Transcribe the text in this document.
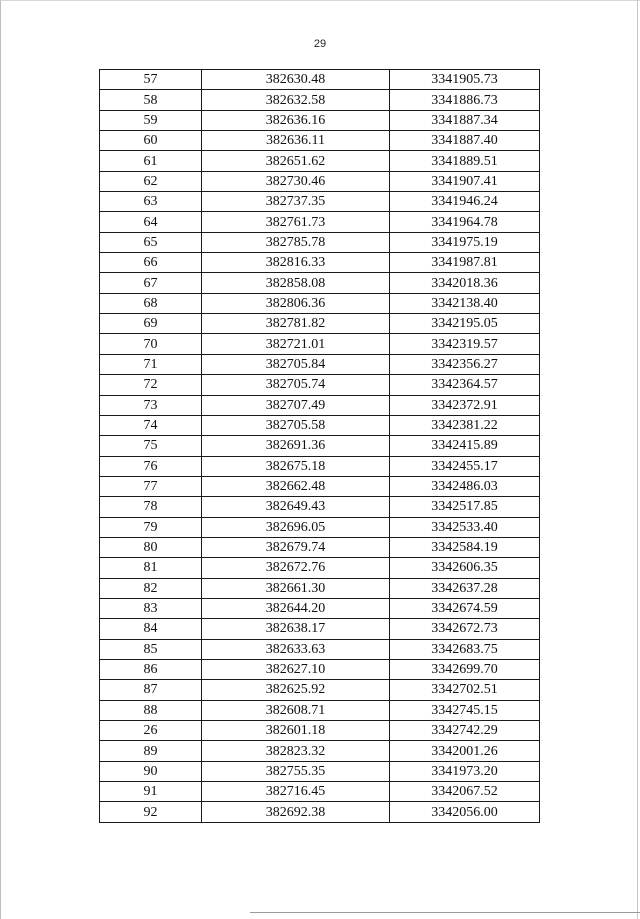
29
57	382630.48	3341905.73
58	382632.58	3341886.73
59	382636.16	3341887.34
60	382636.11	3341887.40
61	382651.62	3341889.51
62	382730.46	3341907.41
63	382737.35	3341946.24
64	382761.73	3341964.78
65	382785.78	3341975.19
66	382816.33	3341987.81
67	382858.08	3342018.36
68	382806.36	3342138.40
69	382781.82	3342195.05
70	382721.01	3342319.57
71	382705.84	3342356.27
72	382705.74	3342364.57
73	382707.49	3342372.91
74	382705.58	3342381.22
75	382691.36	3342415.89
76	382675.18	3342455.17
77	382662.48	3342486.03
78	382649.43	3342517.85
79	382696.05	3342533.40
80	382679.74	3342584.19
81	382672.76	3342606.35
82	382661.30	3342637.28
83	382644.20	3342674.59
84	382638.17	3342672.73
85	382633.63	3342683.75
86	382627.10	3342699.70
87	382625.92	3342702.51
88	382608.71	3342745.15
26	382601.18	3342742.29
89	382823.32	3342001.26
90	382755.35	3341973.20
91	382716.45	3342067.52
92	382692.38	3342056.00
